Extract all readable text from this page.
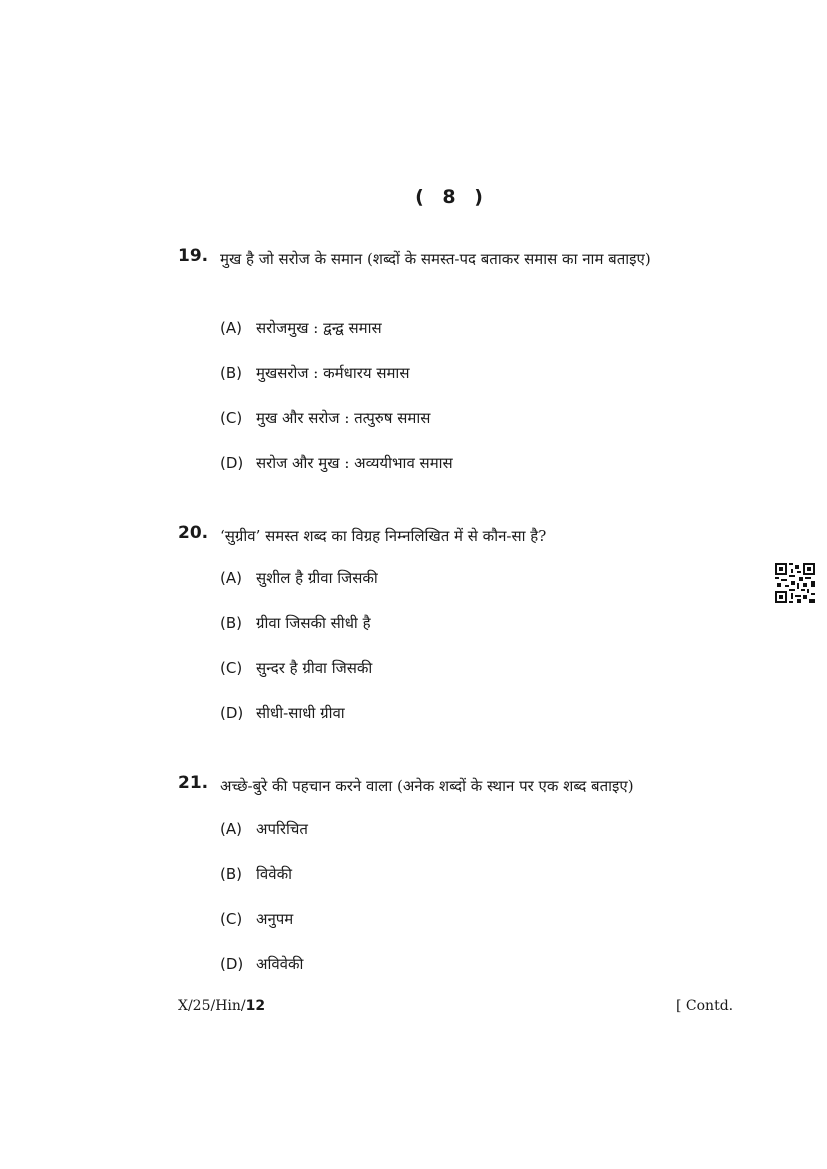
( 8 )
19. मुख है जो सरोज के समान (शब्दों के समस्त-पद बताकर समास का नाम बताइए)
(A) सरोजमुख : द्वन्द्व समास
(B) मुखसरोज : कर्मधारय समास
(C) मुख और सरोज : तत्पुरुष समास
(D) सरोज और मुख : अव्ययीभाव समास
20. ‘सुग्रीव’ समस्त शब्द का विग्रह निम्नलिखित में से कौन-सा है?
(A) सुशील है ग्रीवा जिसकी
(B) ग्रीवा जिसकी सीधी है
(C) सुन्दर है ग्रीवा जिसकी
(D) सीधी-साधी ग्रीवा
21. अच्छे-बुरे की पहचान करने वाला (अनेक शब्दों के स्थान पर एक शब्द बताइए)
(A) अपरिचित
(B) विवेकी
(C) अनुपम
(D) अविवेकी
X/25/Hin/12	[ Contd.
